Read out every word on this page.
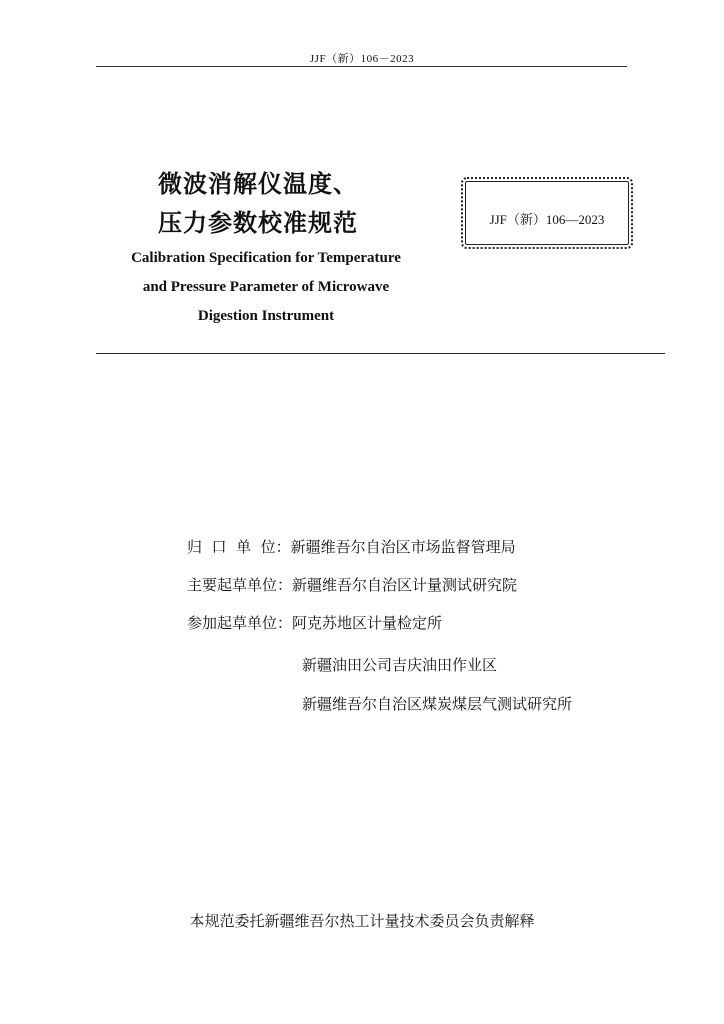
JJF（新）106－2023
微波消解仪温度、
压力参数校准规范
Calibration Specification for Temperature
and Pressure Parameter of Microwave
Digestion Instrument
JJF（新）106—2023
归  口  单  位：新疆维吾尔自治区市场监督管理局
主要起草单位：新疆维吾尔自治区计量测试研究院
参加起草单位：阿克苏地区计量检定所
新疆油田公司吉庆油田作业区
新疆维吾尔自治区煤炭煤层气测试研究所
本规范委托新疆维吾尔热工计量技术委员会负责解释
